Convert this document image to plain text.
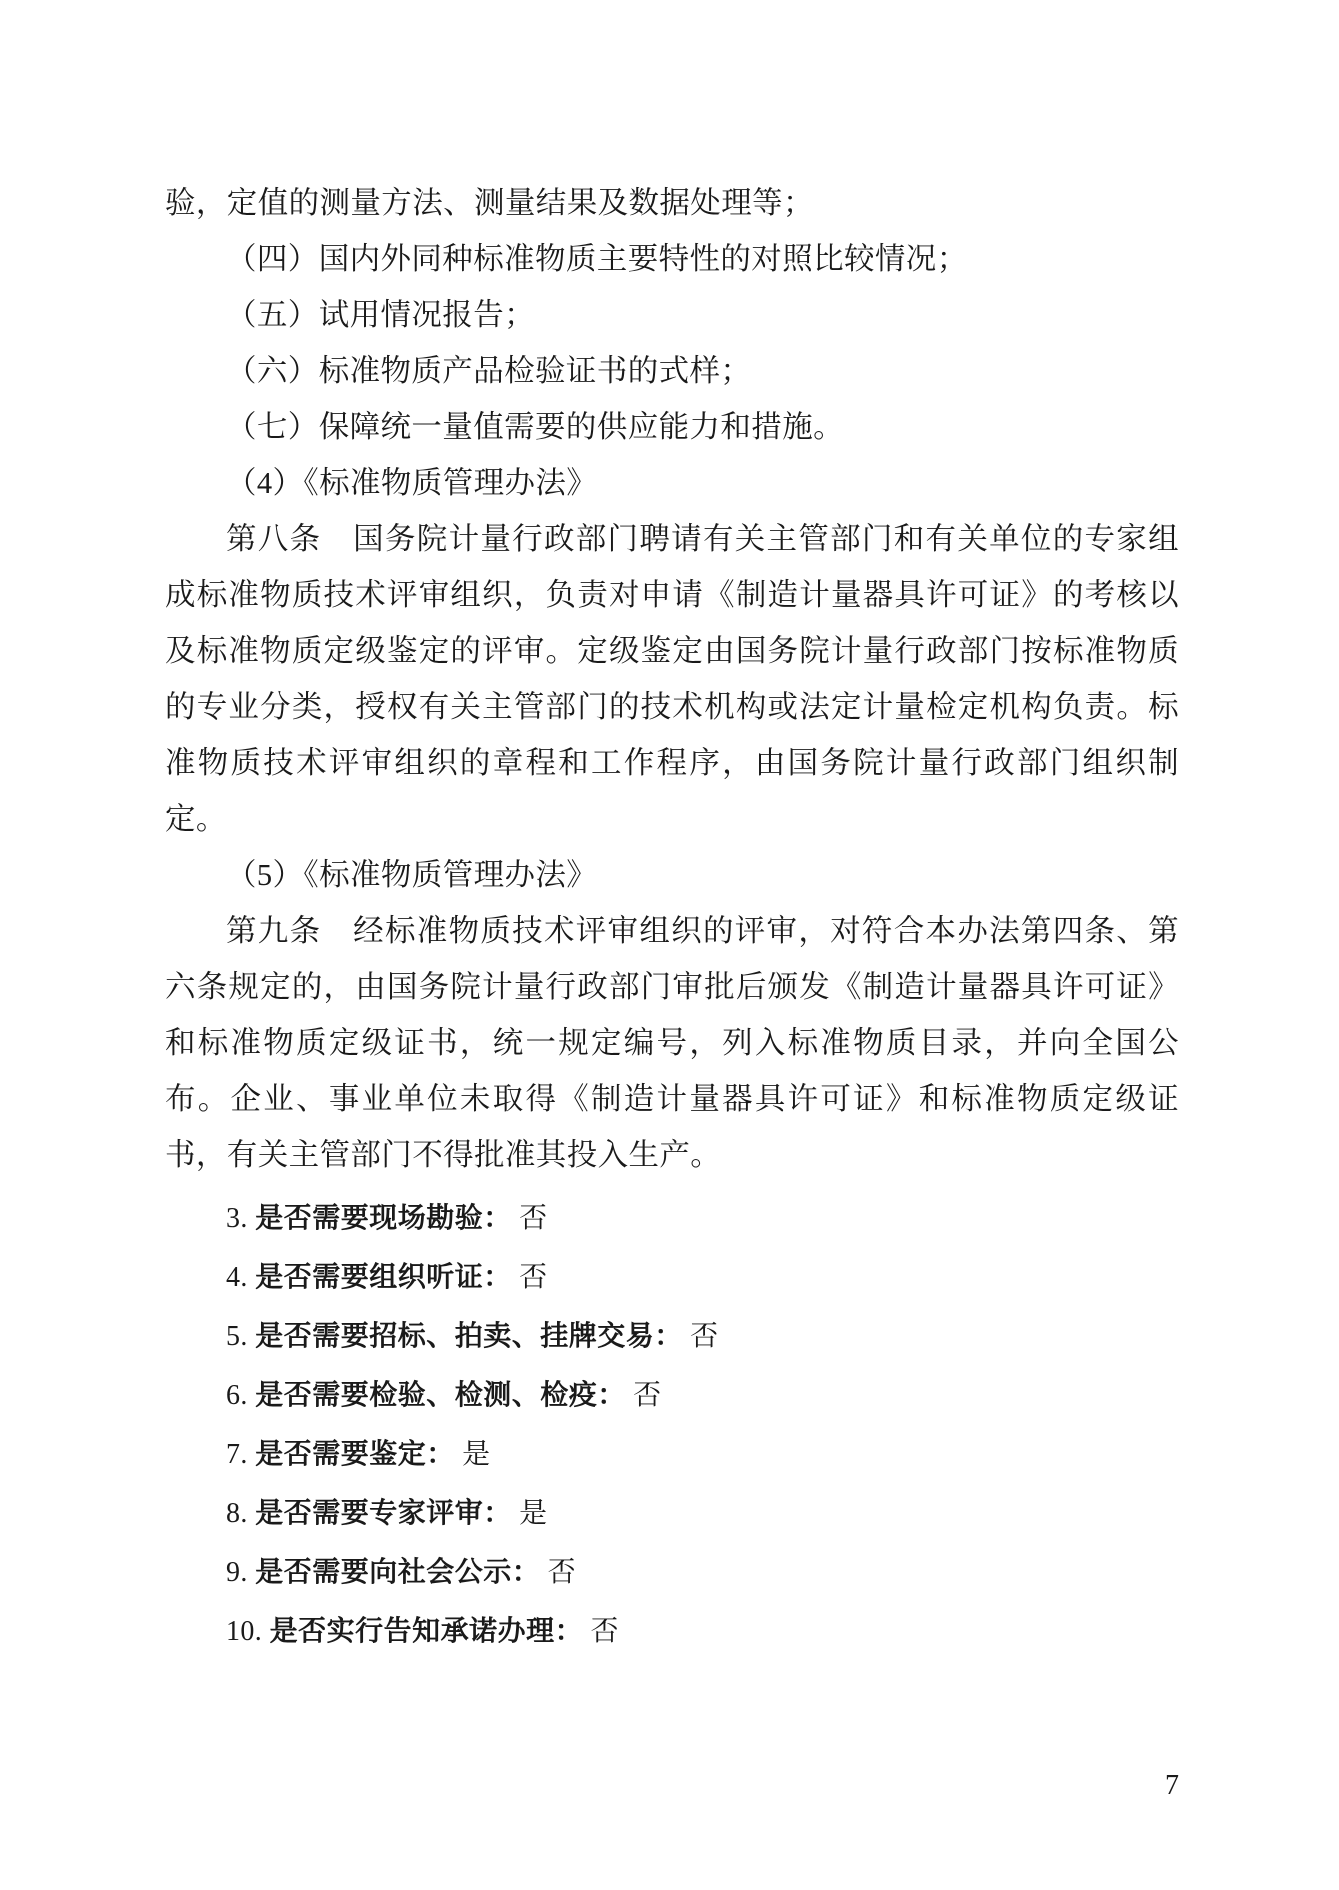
验，定值的测量方法、测量结果及数据处理等；

（四）国内外同种标准物质主要特性的对照比较情况；

（五）试用情况报告；

（六）标准物质产品检验证书的式样；

（七）保障统一量值需要的供应能力和措施。

（4）《标准物质管理办法》

第八条　国务院计量行政部门聘请有关主管部门和有关单位的专家组成标准物质技术评审组织，负责对申请《制造计量器具许可证》的考核以及标准物质定级鉴定的评审。定级鉴定由国务院计量行政部门按标准物质的专业分类，授权有关主管部门的技术机构或法定计量检定机构负责。标准物质技术评审组织的章程和工作程序，由国务院计量行政部门组织制定。

（5）《标准物质管理办法》

第九条　经标准物质技术评审组织的评审，对符合本办法第四条、第六条规定的，由国务院计量行政部门审批后颁发《制造计量器具许可证》和标准物质定级证书，统一规定编号，列入标准物质目录，并向全国公布。企业、事业单位未取得《制造计量器具许可证》和标准物质定级证书，有关主管部门不得批准其投入生产。

3. 是否需要现场勘验： 否
4. 是否需要组织听证： 否
5. 是否需要招标、拍卖、挂牌交易： 否
6. 是否需要检验、检测、检疫： 否
7. 是否需要鉴定： 是
8. 是否需要专家评审： 是
9. 是否需要向社会公示： 否
10. 是否实行告知承诺办理： 否
7
